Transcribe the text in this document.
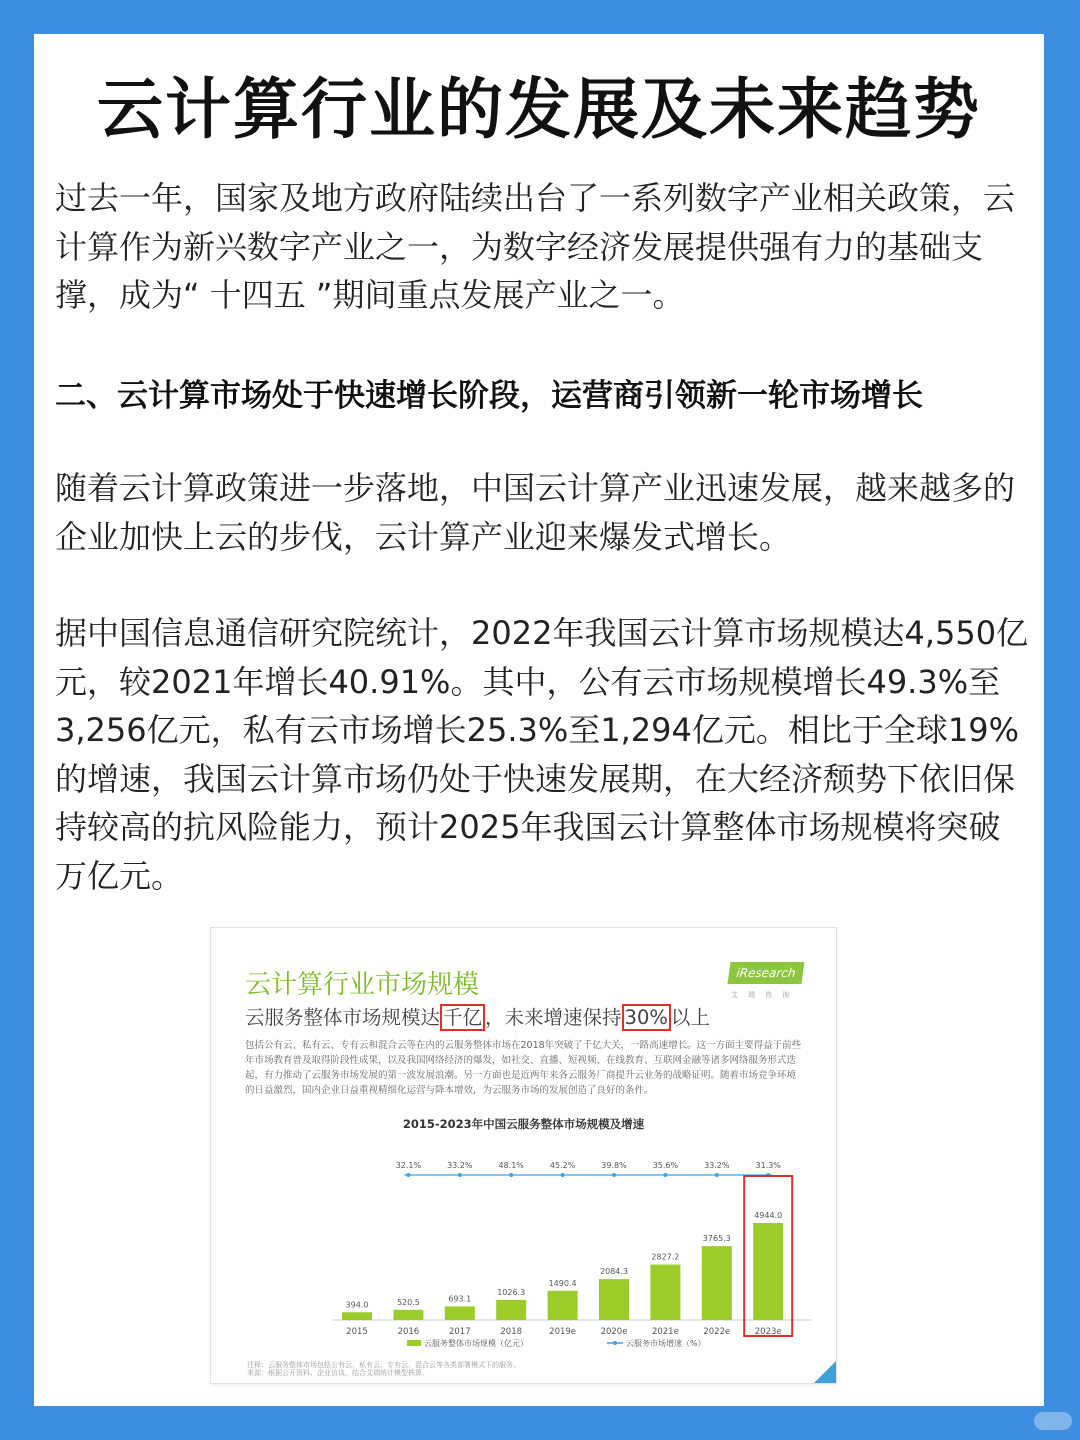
云计算行业的发展及未来趋势

过去一年，国家及地方政府陆续出台了一系列数字产业相关政策，云计算作为新兴数字产业之一，为数字经济发展提供强有力的基础支撑，成为“ 十四五 ”期间重点发展产业之一。

二、云计算市场处于快速增长阶段，运营商引领新一轮市场增长

随着云计算政策进一步落地，中国云计算产业迅速发展，越来越多的企业加快上云的步伐，云计算产业迎来爆发式增长。

据中国信息通信研究院统计，2022年我国云计算市场规模达4,550亿元，较2021年增长40.91%。其中，公有云市场规模增长49.3%至3,256亿元，私有云市场增长25.3%至1,294亿元。相比于全球19%的增速，我国云计算市场仍处于快速发展期，在大经济颓势下依旧保持较高的抗风险能力，预计2025年我国云计算整体市场规模将突破万亿元。

云计算行业市场规模	iResearch
艾瑞咨询
云服务整体市场规模达 千亿 ，未来增速保持 30% 以上

包括公有云、私有云、专有云和混合云等在内的云服务整体市场在2018年突破了千亿大关，一路高速增长。这一方面主要得益于前些年市场教育普及取得阶段性成果，以及我国网络经济的爆发，如社交、直播、短视频、在线教育、互联网金融等诸多网络服务形式迭起，有力推动了云服务市场发展的第一波发展浪潮。另一方面也是近两年来各云服务厂商提升云业务的战略证明。随着市场竞争环境的日益激烈，国内企业日益重视精细化运营与降本增效，为云服务市场的发展创造了良好的条件。

2015-2023年中国云服务整体市场规模及增速
394.0
2015
520.5
2016
32.1%
693.1
2017
33.2%
1026.3
2018
48.1%
1490.4
2019e
45.2%
2084.3
2020e
39.8%
2827.2
2021e
35.6%
3765.3
2022e
33.2%
4944.0
2023e
31.3%
云服务整体市场规模（亿元）	云服务市场增速（%）

注释：云服务整体市场包括公有云、私有云、专有云、混合云等各类部署模式下的服务。
来源：根据公开资料、企业访谈，结合艾瑞统计模型核算。
